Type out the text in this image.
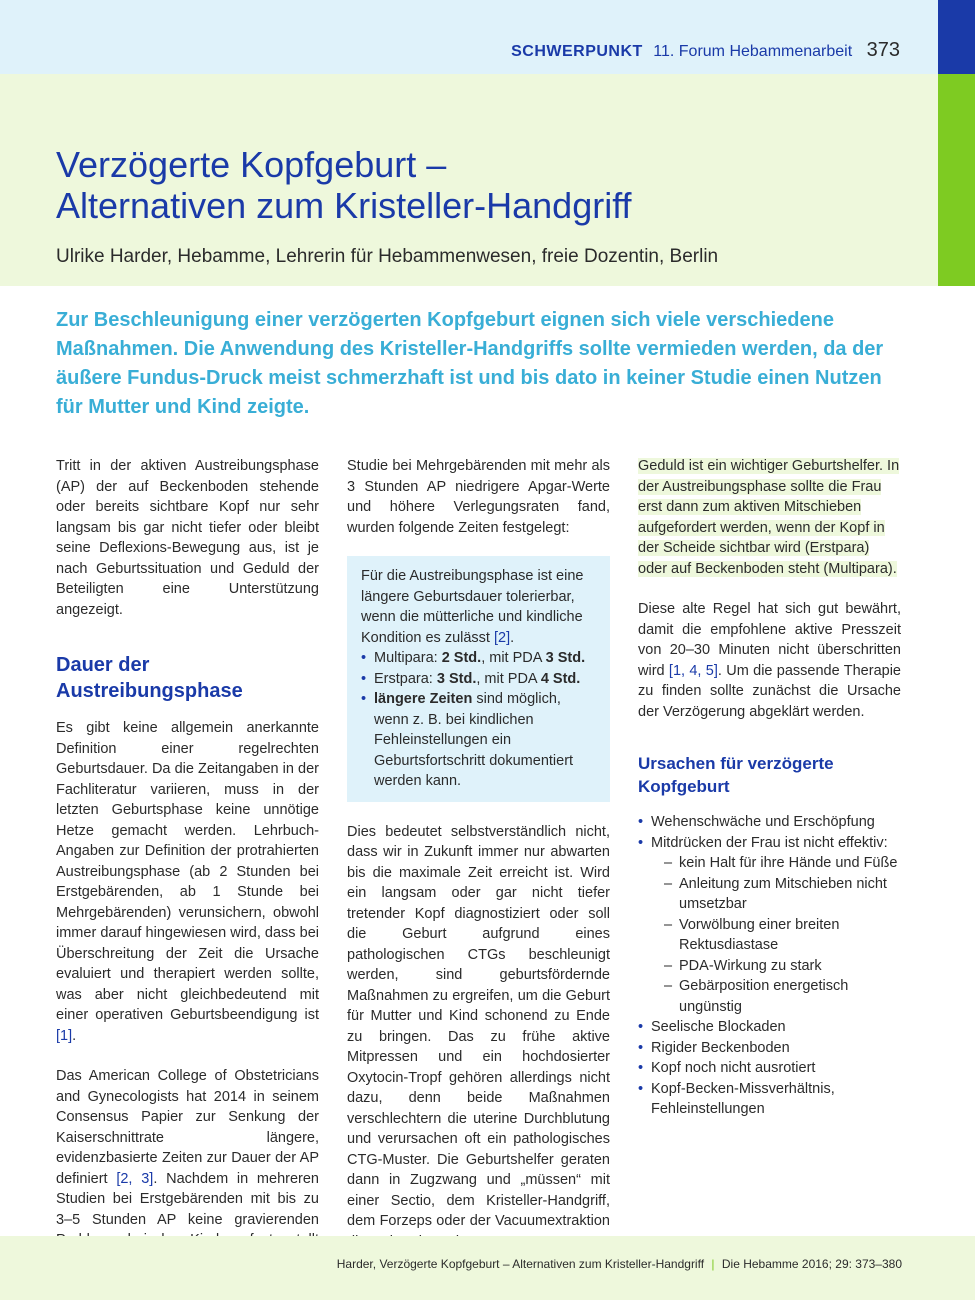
SCHWERPUNKT 11. Forum Hebammenarbeit 373
Verzögerte Kopfgeburt –
Alternativen zum Kristeller-Handgriff
Ulrike Harder, Hebamme, Lehrerin für Hebammenwesen, freie Dozentin, Berlin

Zur Beschleunigung einer verzögerten Kopfgeburt eignen sich viele verschiedene Maßnahmen. Die Anwendung des Kristeller-Handgriffs sollte vermieden werden, da der äußere Fundus-Druck meist schmerzhaft ist und bis dato in keiner Studie einen Nutzen für Mutter und Kind zeigte.

Tritt in der aktiven Austreibungsphase (AP) der auf Beckenboden stehende oder bereits sichtbare Kopf nur sehr langsam bis gar nicht tiefer oder bleibt seine Deflexions-Bewegung aus, ist je nach Geburtssituation und Geduld der Beteiligten eine Unterstützung angezeigt.

Dauer der Austreibungsphase

Es gibt keine allgemein anerkannte Definition einer regelrechten Geburtsdauer. Da die Zeitangaben in der Fachliteratur variieren, muss in der letzten Geburtsphase keine unnötige Hetze gemacht werden. Lehrbuch-Angaben zur Definition der protrahierten Austreibungsphase (ab 2 Stunden bei Erstgebärenden, ab 1 Stunde bei Mehrgebärenden) verunsichern, obwohl immer darauf hingewiesen wird, dass bei Überschreitung der Zeit die Ursache evaluiert und therapiert werden sollte, was aber nicht gleichbedeutend mit einer operativen Geburtsbeendigung ist [1].

Das American College of Obstetricians and Gynecologists hat 2014 in seinem Consensus Papier zur Senkung der Kaiserschnittrate längere, evidenzbasierte Zeiten zur Dauer der AP definiert [2, 3]. Nachdem in mehreren Studien bei Erstgebärenden mit bis zu 3–5 Stunden AP keine gravierenden

Studie bei Mehrgebärenden mit mehr als 3 Stunden AP niedrigere Apgar-Werte und höhere Verlegungsraten fand, wurden folgende Zeiten festgelegt:

Für die Austreibungsphase ist eine längere Geburtsdauer tolerierbar, wenn die mütterliche und kindliche Kondition es zulässt [2].
• Multipara: 2 Std., mit PDA 3 Std.
• Erstpara: 3 Std., mit PDA 4 Std.
• längere Zeiten sind möglich, wenn z. B. bei kindlichen Fehleinstellungen ein Geburtsfortschritt dokumentiert werden kann.

Dies bedeutet selbstverständlich nicht, dass wir in Zukunft immer nur abwarten bis die maximale Zeit erreicht ist. Wird ein langsam oder gar nicht tiefer tretender Kopf diagnostiziert oder soll die Geburt aufgrund eines pathologischen CTGs beschleunigt werden, sind geburtsfördernde Maßnahmen zu ergreifen, um die Geburt für Mutter und Kind schonend zu Ende zu bringen. Das zu frühe aktive Mitpressen und ein hochdosierter Oxytocin-Tropf gehören allerdings nicht dazu, denn beide Maßnahmen verschlechtern die uterine Durchblutung und verursachen oft ein pathologisches CTG-Muster. Die Geburtshelfer geraten dann in Zugzwang und „müssen“ mit einer Sectio, dem Kristeller-Handgriff, dem Forzeps oder der Vacuumextraktion

Geduld ist ein wichtiger Geburtshelfer. In der Austreibungsphase sollte die Frau erst dann zum aktiven Mitschieben aufgefordert werden, wenn der Kopf in der Scheide sichtbar wird (Erstpara) oder auf Beckenboden steht (Multipara).

Diese alte Regel hat sich gut bewährt, damit die empfohlene aktive Presszeit von 20–30 Minuten nicht überschritten wird [1, 4, 5]. Um die passende Therapie zu finden sollte zunächst die Ursache der Verzögerung abgeklärt werden.

Ursachen für verzögerte Kopfgeburt
• Wehenschwäche und Erschöpfung
• Mitdrücken der Frau ist nicht effektiv:
– kein Halt für ihre Hände und Füße
– Anleitung zum Mitschieben nicht umsetzbar
– Vorwölbung einer breiten Rektusdiastase
– PDA-Wirkung zu stark
– Gebärposition energetisch ungünstig
• Seelische Blockaden
• Rigider Beckenboden
• Kopf noch nicht ausrotiert
• Kopf-Becken-Missverhältnis, Fehleinstellungen
Harder, Verzögerte Kopfgeburt – Alternativen zum Kristeller-Handgriff | Die Hebamme 2016; 29: 373–380
